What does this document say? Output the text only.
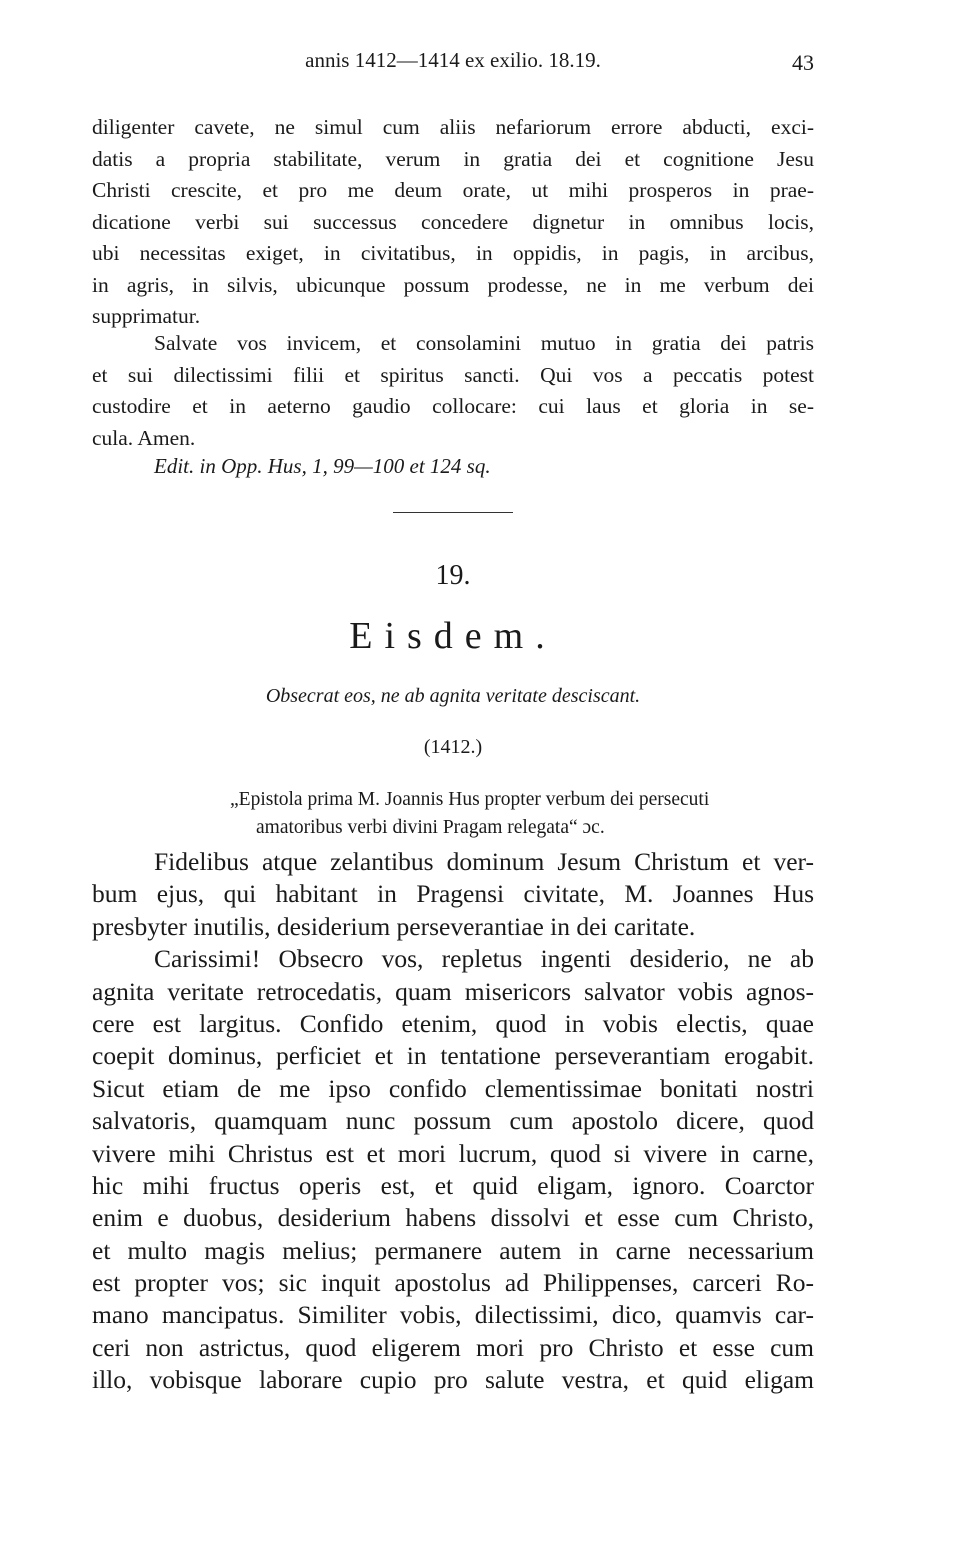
annis 1412—1414 ex exilio. 18.19.	43
diligenter cavete, ne simul cum aliis nefariorum errore abducti, exci-
datis a propria stabilitate, verum in gratia dei et cognitione Jesu
Christi crescite, et pro me deum orate, ut mihi prosperos in prae-
dicatione verbi sui successus concedere dignetur in omnibus locis,
ubi necessitas exiget, in civitatibus, in oppidis, in pagis, in arcibus,
in agris, in silvis, ubicunque possum prodesse, ne in me verbum dei
supprimatur.
Salvate vos invicem, et consolamini mutuo in gratia dei patris
et sui dilectissimi filii et spiritus sancti. Qui vos a peccatis potest
custodire et in aeterno gaudio collocare: cui laus et gloria in se-
cula. Amen.
Edit. in Opp. Hus, 1, 99—100 et 124 sq.
19.
Eisdem.
Obsecrat eos, ne ab agnita veritate desciscant.
(1412.)
„Epistola prima M. Joannis Hus propter verbum dei persecuti
amatoribus verbi divini Pragam relegata“ ɔc.
Fidelibus atque zelantibus dominum Jesum Christum et ver-
bum ejus, qui habitant in Pragensi civitate, M. Joannes Hus
presbyter inutilis, desiderium perseverantiae in dei caritate.
Carissimi! Obsecro vos, repletus ingenti desiderio, ne ab
agnita veritate retrocedatis, quam misericors salvator vobis agnos-
cere est largitus. Confido etenim, quod in vobis electis, quae
coepit dominus, perficiet et in tentatione perseverantiam erogabit.
Sicut etiam de me ipso confido clementissimae bonitati nostri
salvatoris, quamquam nunc possum cum apostolo dicere, quod
vivere mihi Christus est et mori lucrum, quod si vivere in carne,
hic mihi fructus operis est, et quid eligam, ignoro. Coarctor
enim e duobus, desiderium habens dissolvi et esse cum Christo,
et multo magis melius; permanere autem in carne necessarium
est propter vos; sic inquit apostolus ad Philippenses, carceri Ro-
mano mancipatus. Similiter vobis, dilectissimi, dico, quamvis car-
ceri non astrictus, quod eligerem mori pro Christo et esse cum
illo, vobisque laborare cupio pro salute vestra, et quid eligam
